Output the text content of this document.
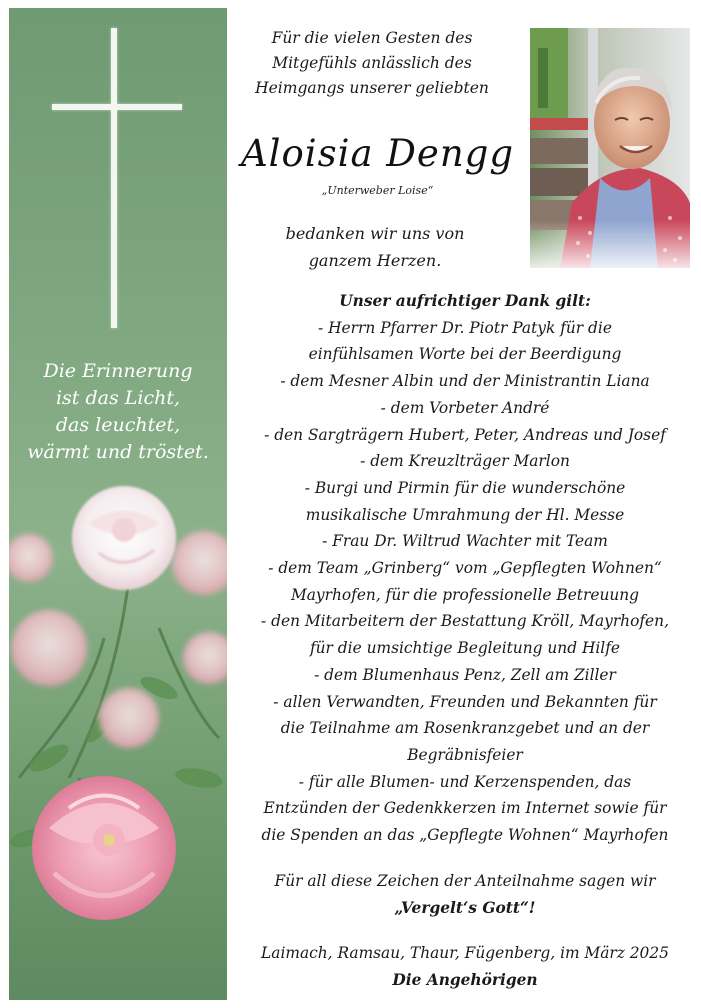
Die Erinnerung
ist das Licht,
das leuchtet,
wärmt und tröstet.
Für die vielen Gesten des
Mitgefühls anlässlich des
Heimgangs unserer geliebten
Aloisia Dengg
„Unterweber Loise“
bedanken wir uns von
ganzem Herzen.
Unser aufrichtiger Dank gilt:
- Herrn Pfarrer Dr. Piotr Patyk für die
einfühlsamen Worte bei der Beerdigung
- dem Mesner Albin und der Ministrantin Liana
- dem Vorbeter André
- den Sargträgern Hubert, Peter, Andreas und Josef
- dem Kreuzlträger Marlon
- Burgi und Pirmin für die wunderschöne
musikalische Umrahmung der Hl. Messe
- Frau Dr. Wiltrud Wachter mit Team
- dem Team „Grinberg“ vom „Gepflegten Wohnen“
Mayrhofen, für die professionelle Betreuung
- den Mitarbeitern der Bestattung Kröll, Mayrhofen,
für die umsichtige Begleitung und Hilfe
- dem Blumenhaus Penz, Zell am Ziller
- allen Verwandten, Freunden und Bekannten für
die Teilnahme am Rosenkranzgebet und an der
Begräbnisfeier
- für alle Blumen- und Kerzenspenden, das
Entzünden der Gedenkkerzen im Internet sowie für
die Spenden an das „Gepflegte Wohnen“ Mayrhofen
Für all diese Zeichen der Anteilnahme sagen wir
„Vergelt‘s Gott“!
Laimach, Ramsau, Thaur, Fügenberg, im März 2025
Die Angehörigen
